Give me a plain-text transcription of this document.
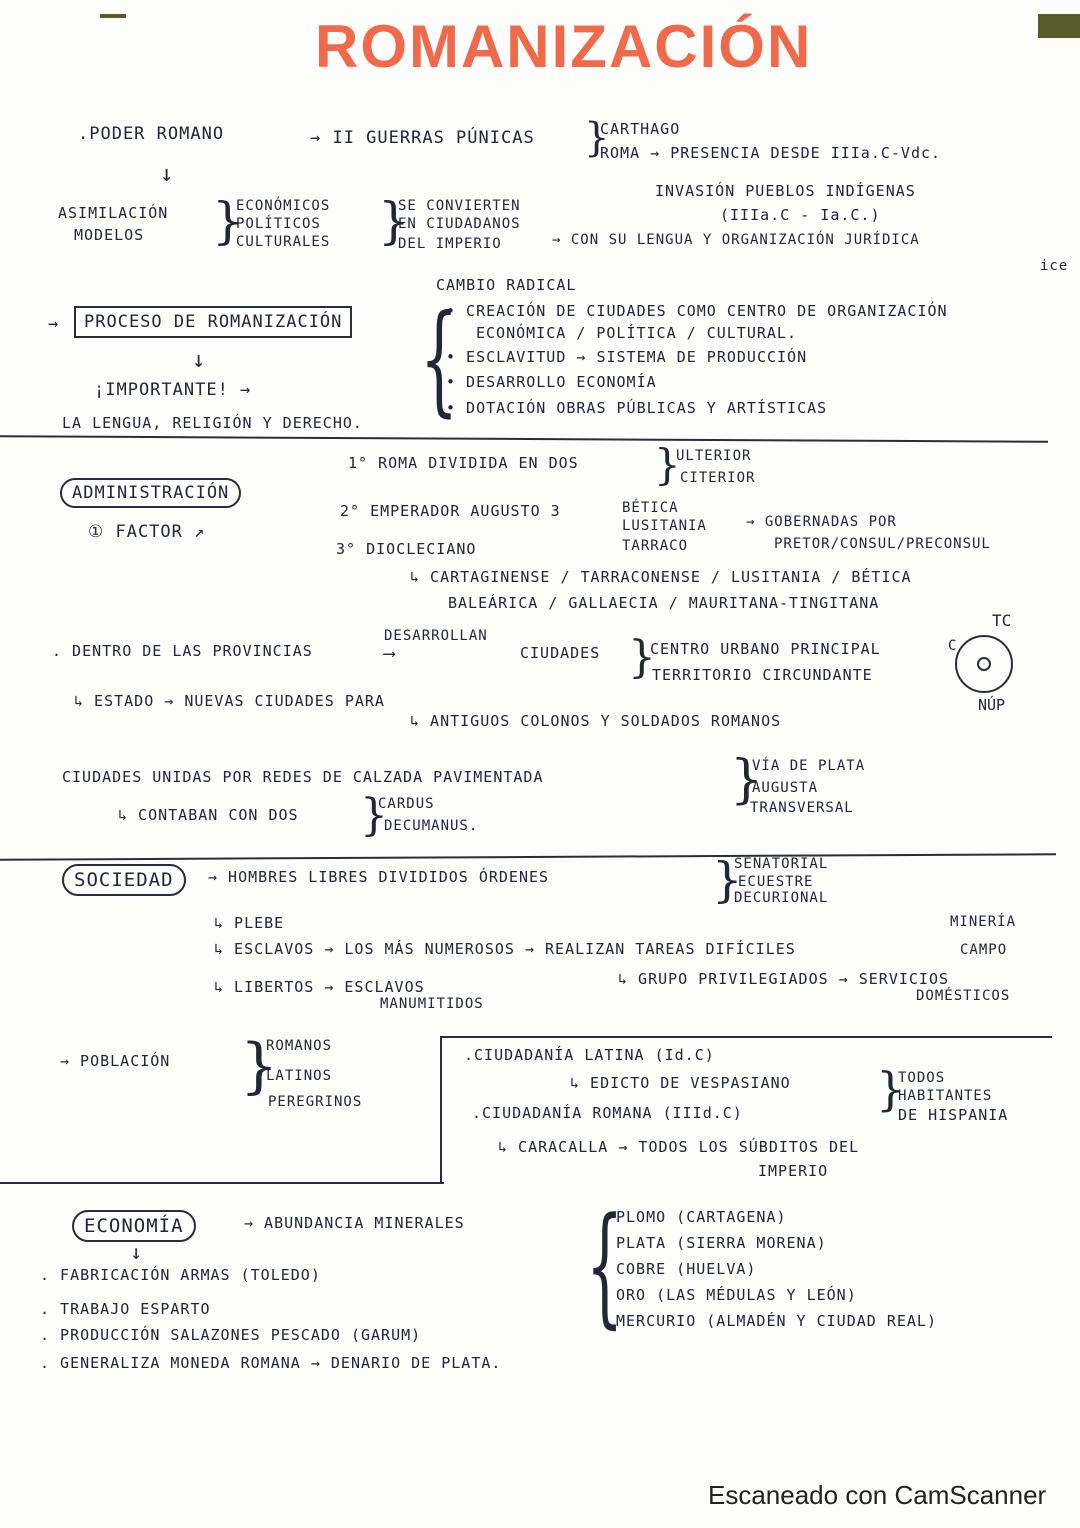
ROMANIZACIÓN
.PODER ROMANO	→ II GUERRAS PÚNICAS }
CARTHAGO
ROMA → PRESENCIA DESDE IIIa.C-Vdc.
↓
INVASIÓN PUEBLOS INDÍGENAS
(IIIa.C - Ia.C.)
ASIMILACIÓN
MODELOS }
ECONÓMICOS
POLÍTICOS
CULTURALES }
SE CONVIERTEN
EN CIUDADANOS
DEL IMPERIO	→ CON SU LENGUA Y ORGANIZACIÓN JURÍDICA
ice
CAMBIO RADICAL
→	PROCESO DE ROMANIZACIÓN {
• CREACIÓN DE CIUDADES COMO CENTRO DE ORGANIZACIÓN
ECONÓMICA / POLÍTICA / CULTURAL.
• ESCLAVITUD → SISTEMA DE PRODUCCIÓN
• DESARROLLO ECONOMÍA
• DOTACIÓN OBRAS PÚBLICAS Y ARTÍSTICAS
↓
¡IMPORTANTE! →
LA LENGUA, RELIGIÓN Y DERECHO.
ADMINISTRACIÓN
① FACTOR ↗
1° ROMA DIVIDIDA EN DOS }
ULTERIOR
CITERIOR
2° EMPERADOR AUGUSTO 3	BÉTICA
LUSITANIA
TARRACO
→ GOBERNADAS POR
PRETOR/CONSUL/PRECONSUL
3° DIOCLECIANO
↳ CARTAGINENSE / TARRACONENSE / LUSITANIA / BÉTICA
BALEÁRICA / GALLAECIA / MAURITANA-TINGITANA
. DENTRO DE LAS PROVINCIAS
DESARROLLAN
⟶	CIUDADES }
CENTRO URBANO PRINCIPAL
TERRITORIO CIRCUNDANTE
TC
C
NÚP
↳ ESTADO → NUEVAS CIUDADES PARA
↳ ANTIGUOS COLONOS Y SOLDADOS ROMANOS
CIUDADES UNIDAS POR REDES DE CALZADA PAVIMENTADA	}
VÍA DE PLATA
AUGUSTA
TRANSVERSAL
↳ CONTABAN CON DOS }
CARDUS
DECUMANUS.
SOCIEDAD	→ HOMBRES LIBRES DIVIDIDOS ÓRDENES	}
SENATORIAL
ECUESTRE
DECURIONAL
↳ PLEBE
↳ ESCLAVOS → LOS MÁS NUMEROSOS → REALIZAN TAREAS DIFÍCILES
MINERÍA
CAMPO
↳ LIBERTOS → ESCLAVOS
MANUMITIDOS
↳ GRUPO PRIVILEGIADOS → SERVICIOS
DOMÉSTICOS
→ POBLACIÓN }
ROMANOS
LATINOS
PEREGRINOS
.CIUDADANÍA LATINA (Id.C)
↳ EDICTO DE VESPASIANO }
TODOS
HABITANTES
DE HISPANIA
.CIUDADANÍA ROMANA (IIId.C)
↳ CARACALLA → TODOS LOS SÚBDITOS DEL
IMPERIO
ECONOMÍA	→ ABUNDANCIA MINERALES {
PLOMO (CARTAGENA)
PLATA (SIERRA MORENA)
COBRE (HUELVA)
ORO (LAS MÉDULAS Y LEÓN)
MERCURIO (ALMADÉN Y CIUDAD REAL)
↓
. FABRICACIÓN ARMAS (TOLEDO)
. TRABAJO ESPARTO
. PRODUCCIÓN SALAZONES PESCADO (GARUM)
. GENERALIZA MONEDA ROMANA → DENARIO DE PLATA.
Escaneado con CamScanner
